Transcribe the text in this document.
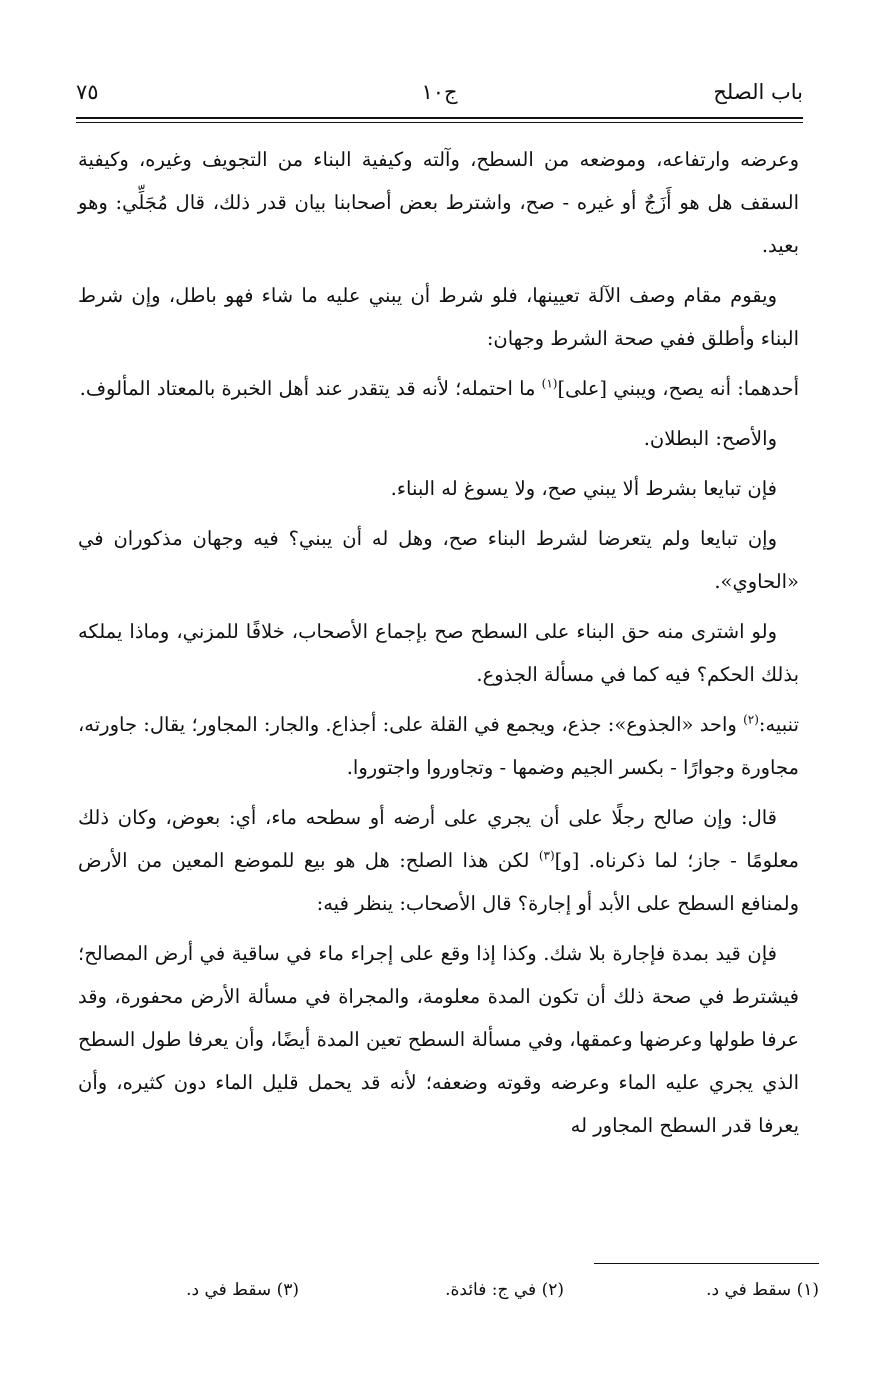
باب الصلح
ج١٠
٧٥

وعرضه وارتفاعه، وموضعه من السطح، وآلته وكيفية البناء من التجويف وغيره، وكيفية السقف هل هو أَزَجٌ أو غيره - صح، واشترط بعض أصحابنا بيان قدر ذلك، قال مُجَلِّي: وهو بعيد.

ويقوم مقام وصف الآلة تعيينها، فلو شرط أن يبني عليه ما شاء فهو باطل، وإن شرط البناء وأطلق ففي صحة الشرط وجهان:

أحدهما: أنه يصح، ويبني [على]$^{(١)}$ ما احتمله؛ لأنه قد يتقدر عند أهل الخبرة بالمعتاد المألوف.

والأصح: البطلان.

فإن تبايعا بشرط ألا يبني صح، ولا يسوغ له البناء.

وإن تبايعا ولم يتعرضا لشرط البناء صح، وهل له أن يبني؟ فيه وجهان مذكوران في «الحاوي».

ولو اشترى منه حق البناء على السطح صح بإجماع الأصحاب، خلافًا للمزني، وماذا يملكه بذلك الحكم؟ فيه كما في مسألة الجذوع.

تنبيه:$^{(٢)}$ واحد «الجذوع»: جذع، ويجمع في القلة على: أجذاع. والجار: المجاور؛ يقال: جاورته، مجاورة وجوارًا - بكسر الجيم وضمها - وتجاوروا واجتوروا.

قال: وإن صالح رجلًا على أن يجري على أرضه أو سطحه ماء، أي: بعوض، وكان ذلك معلومًا - جاز؛ لما ذكرناه. [و]$^{(٣)}$ لكن هذا الصلح: هل هو بيع للموضع المعين من الأرض ولمنافع السطح على الأبد أو إجارة؟ قال الأصحاب: ينظر فيه:

فإن قيد بمدة فإجارة بلا شك. وكذا إذا وقع على إجراء ماء في ساقية في أرض المصالح؛ فيشترط في صحة ذلك أن تكون المدة معلومة، والمجراة في مسألة الأرض محفورة، وقد عرفا طولها وعرضها وعمقها، وفي مسألة السطح تعين المدة أيضًا، وأن يعرفا طول السطح الذي يجري عليه الماء وعرضه وقوته وضعفه؛ لأنه قد يحمل قليل الماء دون كثيره، وأن يعرفا قدر السطح المجاور له

(١) سقط في د.
(٢) في ج: فائدة.
(٣) سقط في د.
